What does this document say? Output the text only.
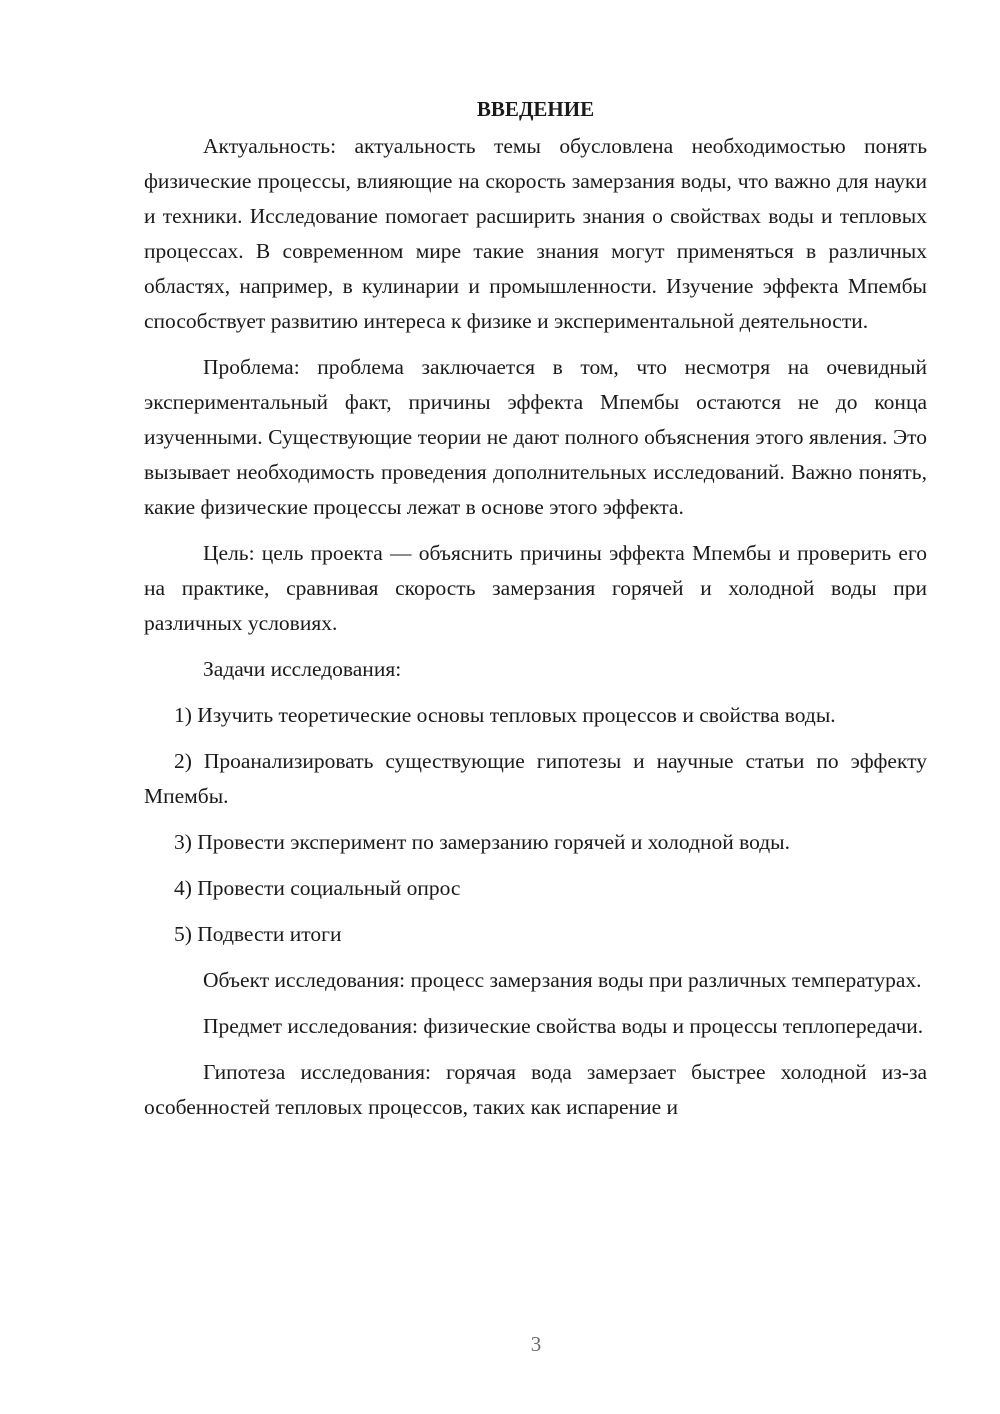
ВВЕДЕНИЕ

Актуальность: актуальность темы обусловлена необходимостью понять физические процессы, влияющие на скорость замерзания воды, что важно для науки и техники. Исследование помогает расширить знания о свойствах воды и тепловых процессах. В современном мире такие знания могут применяться в различных областях, например, в кулинарии и промышленности. Изучение эффекта Мпембы способствует развитию интереса к физике и экспериментальной деятельности.

Проблема: проблема заключается в том, что несмотря на очевидный экспериментальный факт, причины эффекта Мпембы остаются не до конца изученными. Существующие теории не дают полного объяснения этого явления. Это вызывает необходимость проведения дополнительных исследований. Важно понять, какие физические процессы лежат в основе этого эффекта.

Цель: цель проекта — объяснить причины эффекта Мпембы и проверить его на практике, сравнивая скорость замерзания горячей и холодной воды при различных условиях.

Задачи исследования:

1) Изучить теоретические основы тепловых процессов и свойства воды.

2) Проанализировать существующие гипотезы и научные статьи по эффекту Мпембы.

3) Провести эксперимент по замерзанию горячей и холодной воды.

4) Провести социальный опрос

5) Подвести итоги

Объект исследования: процесс замерзания воды при различных температурах.

Предмет исследования: физические свойства воды и процессы теплопередачи.

Гипотеза исследования: горячая вода замерзает быстрее холодной из-за особенностей тепловых процессов, таких как испарение и

3
